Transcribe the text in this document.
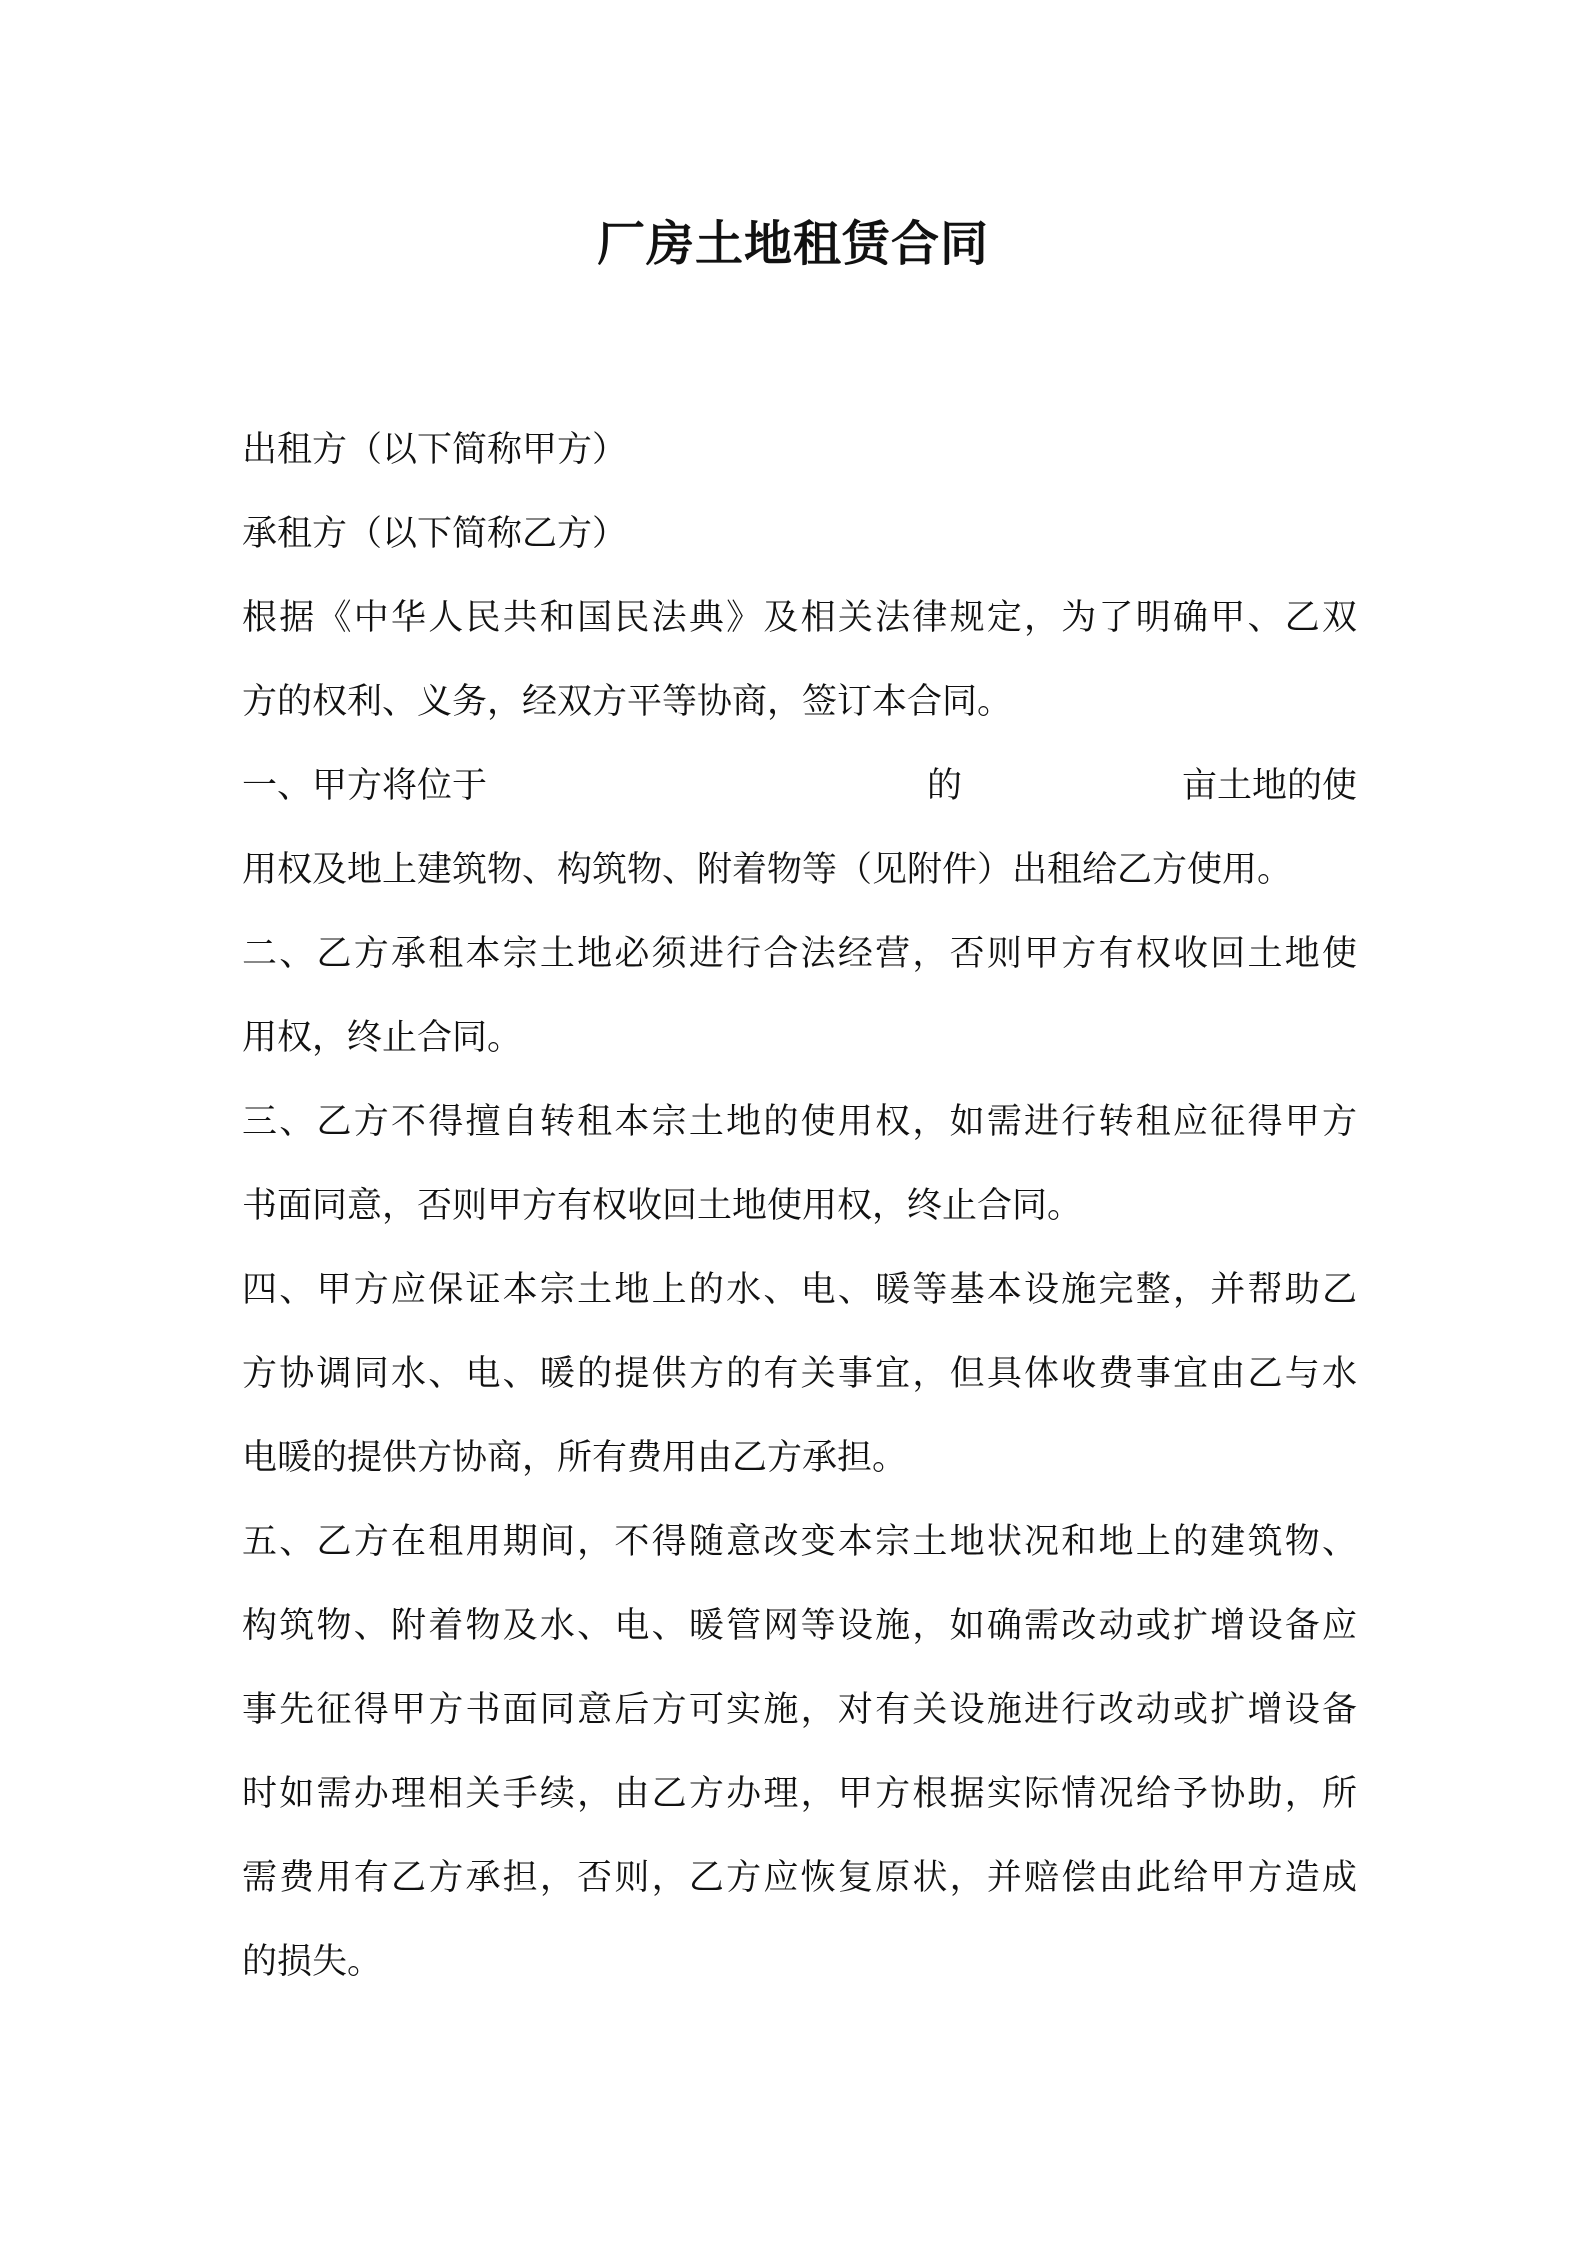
厂房土地租赁合同
出租方（以下简称甲方）
承租方（以下简称乙方）
根据《中华人民共和国民法典》及相关法律规定，为了明确甲、乙双
方的权利、义务，经双方平等协商，签订本合同。
一、甲方将位于	的	亩土地的使
用权及地上建筑物、构筑物、附着物等（见附件）出租给乙方使用。
二、乙方承租本宗土地必须进行合法经营，否则甲方有权收回土地使
用权，终止合同。
三、乙方不得擅自转租本宗土地的使用权，如需进行转租应征得甲方
书面同意，否则甲方有权收回土地使用权，终止合同。
四、甲方应保证本宗土地上的水、电、暖等基本设施完整，并帮助乙
方协调同水、电、暖的提供方的有关事宜，但具体收费事宜由乙与水
电暖的提供方协商，所有费用由乙方承担。
五、乙方在租用期间，不得随意改变本宗土地状况和地上的建筑物、
构筑物、附着物及水、电、暖管网等设施，如确需改动或扩增设备应
事先征得甲方书面同意后方可实施，对有关设施进行改动或扩增设备
时如需办理相关手续，由乙方办理，甲方根据实际情况给予协助，所
需费用有乙方承担，否则，乙方应恢复原状，并赔偿由此给甲方造成
的损失。
